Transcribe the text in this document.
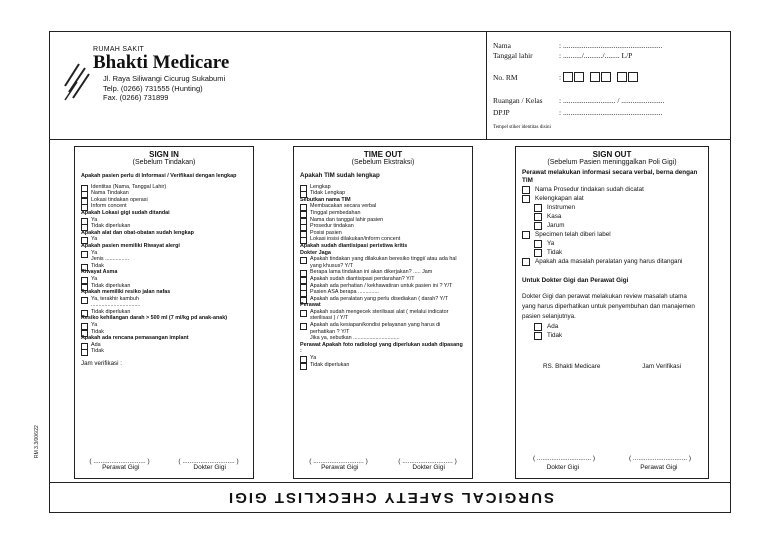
RUMAH SAKIT
Bhakti Medicare
Jl. Raya Siliwangi Cicurug Sukabumi
Telp. (0266) 731555 (Hunting)
Fax. (0266) 731899
Nama	: .....................................................
Tanggal lahir	: ........../........../........ L/P
No. RM	:
Ruangan / Kelas : ............................ / .......................
DPJP	: .....................................................
Tempel stiker identitas disini
SIGN IN
(Sebelum Tindakan)
Apakah pasien perlu di Informasi / Verifikasi dengan lengkap
Identitas (Nama, Tanggal Lahir)
Nama Tindakan
Lokasi tindakan operasi
Inform concent
Apakah Lokasi gigi sudah ditandai
Ya
Tidak diperlukan
Apakah alat dan obat-obatan sudah lengkap
Ya
Apakah pasien memiliki Riwayat alergi
Ya
Jenis ................
Tidak
Riwayat Asma
Ya
Tidak diperlukan
Apakah memiliki resiko jalan nafas
Ya, terakhir kambuh
.................................
Tidak diperlukan
Resiko kehilangan darah > 500 ml (7 ml/kg pd anak-anak)
Ya
Tidak
Apakah ada rencana pemasangan implant
Ada
Tidak
Jam verifikasi :
( ............................. )	( ............................. )
Perawat Gigi	Dokter Gigi
TIME OUT
(Sebelum Ekstraksi)
Apakah TIM sudah lengkap
Lengkap
Tidak Lengkap
Sebutkan nama TIM
Membacakan secara verbal
Tinggal pembedahan
Nama dan tanggal lahir pasien
Prosedur tindakan
Posisi pasien
Lokasi insisi dilakukan/inform concent
Apakah sudah diantisipasi peristiwa kritis
Dokter Jaga
Apakah tindakan yang dilakukan beresiko tinggi/ atau ada hal yang khusus? Y/T
Berapa lama tindakan ini akan dikerjakan? ..... Jam
Apakah sudah diantisipasi perdarahan? Y/T
Apakah ada perhatian / kekhawatiran untuk pasien ini ? Y/T
Pasien ASA berapa ..............
Apakah ada peralatan yang perlu disediakan ( darah? Y/T
Perawat
Apakah sudah mengecek sterilisasi alat ( melalui indicator sterilisasi ) / Y/T
Apakah ada kesiapan/kondisi pelayanan yang harus di perhatikan ? Y/T
Jika ya, sebutkan ...............................
Perawat Apakah foto radiologi yang diperlukan sudah dipasang :
Ya
Tidak diperlukan
( ............................ )	( ............................ )
Perawat Gigi	Dokter Gigi
SIGN OUT
(Sebelum Pasien meninggalkan Poli Gigi)
Perawat melakukan informasi secara verbal, berna dengan TIM
Nama Prosedur tindakan sudah dicatat
Kelengkapan alat
Instrumen
Kasa
Jarum
Specimen telah diberi label
Ya
Tidak
Apakah ada masalah peralatan yang harus ditangani
Untuk Dokter Gigi dan Perawat Gigi
Dokter Gigi dan perawat melakukan review masalah utama yang harus diperhatikan untuk penyembuhan dan manajemen pasien selanjutnya.
Ada
Tidak
RS. Bhakti Medicare	Jam Verifikasi
( .............................. )	( .............................. )
Dokter Gigi	Perawat Gigi
SURGICAL SAFETY CHECKLIST GIGI
RM 3.3/006/22
